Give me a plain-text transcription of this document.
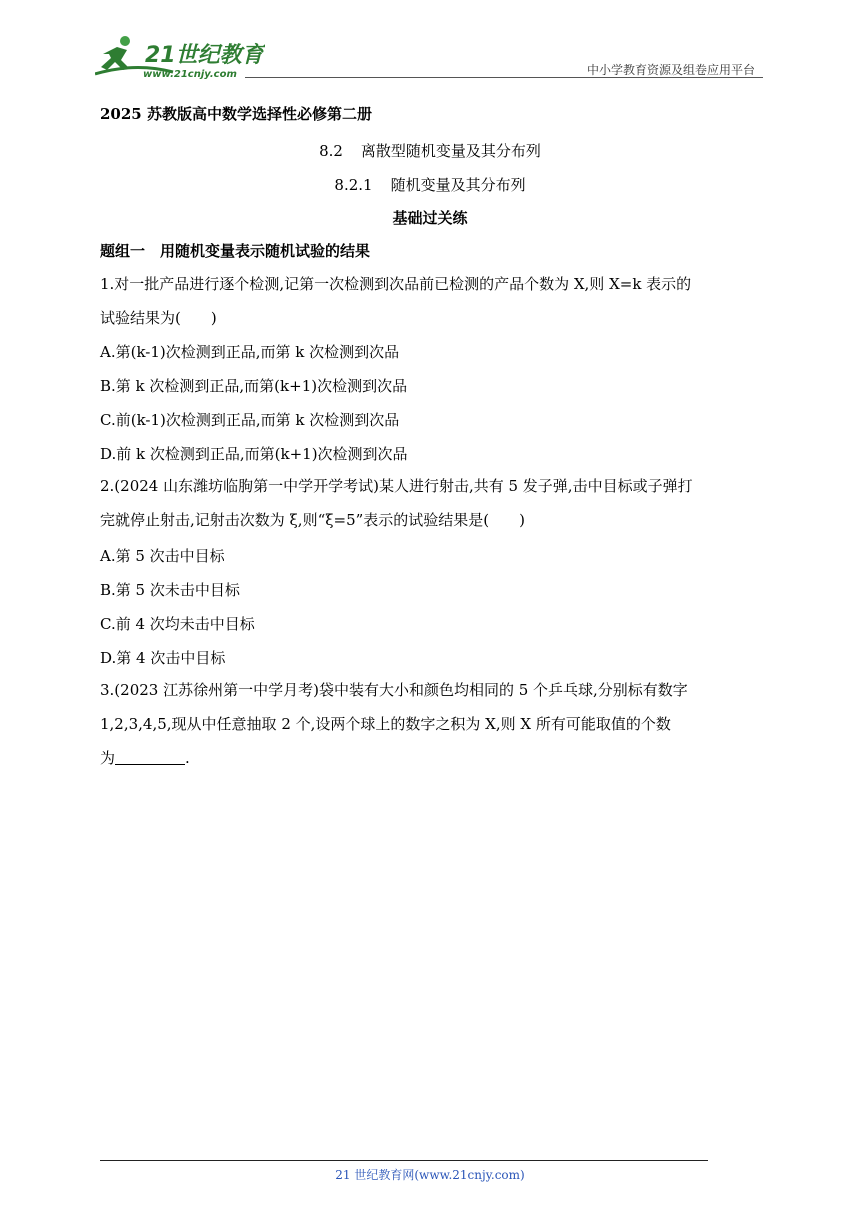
21世纪教育
www.21cnjy.com	中小学教育资源及组卷应用平台
2025 苏教版高中数学选择性必修第二册
8.2 离散型随机变量及其分布列
8.2.1 随机变量及其分布列
基础过关练
题组一　用随机变量表示随机试验的结果
1.对一批产品进行逐个检测,记第一次检测到次品前已检测的产品个数为 X,则 X=k 表示的
试验结果为(　　)
A.第(k-1)次检测到正品,而第 k 次检测到次品
B.第 k 次检测到正品,而第(k+1)次检测到次品
C.前(k-1)次检测到正品,而第 k 次检测到次品
D.前 k 次检测到正品,而第(k+1)次检测到次品
2.(2024 山东潍坊临朐第一中学开学考试)某人进行射击,共有 5 发子弹,击中目标或子弹打
完就停止射击,记射击次数为 ξ,则“ξ=5”表示的试验结果是(　　)
A.第 5 次击中目标
B.第 5 次未击中目标
C.前 4 次均未击中目标
D.第 4 次击中目标
3.(2023 江苏徐州第一中学月考)袋中装有大小和颜色均相同的 5 个乒乓球,分别标有数字
1,2,3,4,5,现从中任意抽取 2 个,设两个球上的数字之积为 X,则 X 所有可能取值的个数
为	.
21 世纪教育网(www.21cnjy.com)
